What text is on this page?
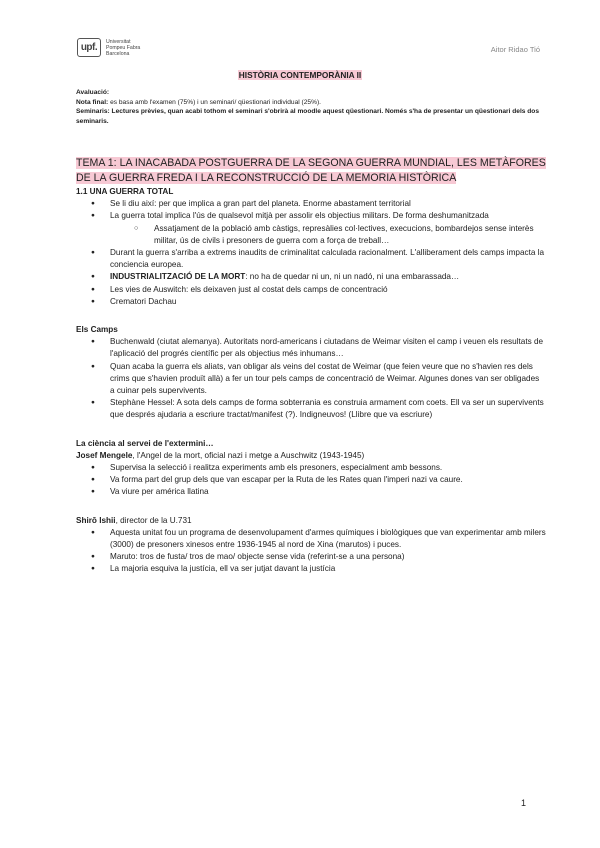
upf.
Universitat
Pompeu Fabra
Barcelona	Aitor Ridao Tió
HISTÒRIA CONTEMPORÀNIA II

Avaluació:

Nota final: es basa amb l'examen (75%) i un seminari/ qüestionari individual (25%).

Seminaris: Lectures prèvies, quan acabi tothom el seminari s'obrirà al moodle aquest qüestionari. Només s'ha de presentar un qüestionari dels dos seminaris.

TEMA 1: LA INACABADA POSTGUERRA DE LA SEGONA GUERRA MUNDIAL, LES METÀFORES DE LA GUERRA FREDA I LA RECONSTRUCCIÓ DE LA MEMORIA HISTÒRICA

1.1 UNA GUERRA TOTAL

● Se li diu així: per que implica a gran part del planeta. Enorme abastament territorial
● La guerra total implica l'ús de qualsevol mitjà per assolir els objectius militars. De forma deshumanitzada
○ Assatjament de la població amb càstigs, represàlies col·lectives, execucions, bombardejos sense interès militar, ús de civils i presoners de guerra com a força de treball…
● Durant la guerra s'arriba a extrems inaudits de criminalitat calculada racionalment. L'alliberament dels camps impacta la conciencia europea.
● INDUSTRIALITZACIÓ DE LA MORT: no ha de quedar ni un, ni un nadó, ni una embarassada…
● Les vies de Auswitch: els deixaven just al costat dels camps de concentració
● Crematori Dachau

Els Camps

● Buchenwald (ciutat alemanya). Autoritats nord-americans i ciutadans de Weimar visiten el camp i veuen els resultats de l'aplicació del progrés científic per als objectius més inhumans…
● Quan acaba la guerra els aliats, van obligar als veins del costat de Weimar (que feien veure que no s'havien res dels crims que s'havien produït allà) a fer un tour pels camps de concentració de Weimar. Algunes dones van ser obligades a cuinar pels supervivents.
● Stephàne Hessel: A sota dels camps de forma sobterrania es construia armament com coets. Ell va ser un supervivents que després ajudaria a escriure tractat/manifest (?). Indigneuvos! (Llibre que va escriure)

La ciència al servei de l'extermini…

Josef Mengele, l'Angel de la mort, oficial nazi i metge a Auschwitz (1943-1945)

● Supervisa la selecció i realitza experiments amb els presoners, especialment amb bessons.
● Va forma part del grup dels que van escapar per la Ruta de les Rates quan l'imperi nazi va caure.
● Va viure per américa llatina

Shirō Ishii, director de la U.731

● Aquesta unitat fou un programa de desenvolupament d'armes químiques i biològiques que van experimentar amb milers (3000) de presoners xinesos entre 1936-1945 al nord de Xina (marutos) i puces.
● Maruto: tros de fusta/ tros de mao/ objecte sense vida (referint-se a una persona)
● La majoria esquiva la justícia, ell va ser jutjat davant la justícia
1
